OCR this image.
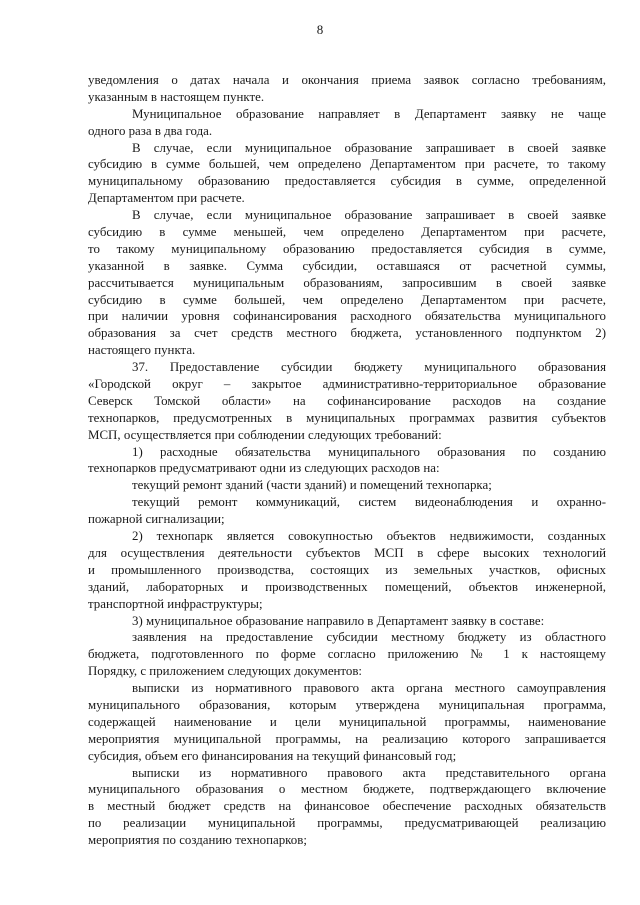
8
уведомления о датах начала и окончания приема заявок согласно требованиям,
указанным в настоящем пункте.
Муниципальное образование направляет в Департамент заявку не чаще
одного раза в два года.
В случае, если муниципальное образование запрашивает в своей заявке
субсидию в сумме большей, чем определено Департаментом при расчете, то такому
муниципальному образованию предоставляется субсидия в сумме, определенной
Департаментом при расчете.
В случае, если муниципальное образование запрашивает в своей заявке
субсидию в сумме меньшей, чем определено Департаментом при расчете,
то такому муниципальному образованию предоставляется субсидия в сумме,
указанной в заявке. Сумма субсидии, оставшаяся от расчетной суммы,
рассчитывается муниципальным образованиям, запросившим в своей заявке
субсидию в сумме большей, чем определено Департаментом при расчете,
при наличии уровня софинансирования расходного обязательства муниципального
образования за счет средств местного бюджета, установленного подпунктом 2)
настоящего пункта.
37. Предоставление субсидии бюджету муниципального образования
«Городской округ – закрытое административно-территориальное образование
Северск Томской области» на софинансирование расходов на создание
технопарков, предусмотренных в муниципальных программах развития субъектов
МСП, осуществляется при соблюдении следующих требований:
1) расходные обязательства муниципального образования по созданию
технопарков предусматривают одни из следующих расходов на:
текущий ремонт зданий (части зданий) и помещений технопарка;
текущий ремонт коммуникаций, систем видеонаблюдения и охранно-
пожарной сигнализации;
2) технопарк является совокупностью объектов недвижимости, созданных
для осуществления деятельности субъектов МСП в сфере высоких технологий
и промышленного производства, состоящих из земельных участков, офисных
зданий, лабораторных и производственных помещений, объектов инженерной,
транспортной инфраструктуры;
3) муниципальное образование направило в Департамент заявку в составе:
заявления на предоставление субсидии местному бюджету из областного
бюджета, подготовленного по форме согласно приложению № 1 к настоящему
Порядку, с приложением следующих документов:
выписки из нормативного правового акта органа местного самоуправления
муниципального образования, которым утверждена муниципальная программа,
содержащей наименование и цели муниципальной программы, наименование
мероприятия муниципальной программы, на реализацию которого запрашивается
субсидия, объем его финансирования на текущий финансовый год;
выписки из нормативного правового акта представительного органа
муниципального образования о местном бюджете, подтверждающего включение
в местный бюджет средств на финансовое обеспечение расходных обязательств
по реализации муниципальной программы, предусматривающей реализацию
мероприятия по созданию технопарков;
